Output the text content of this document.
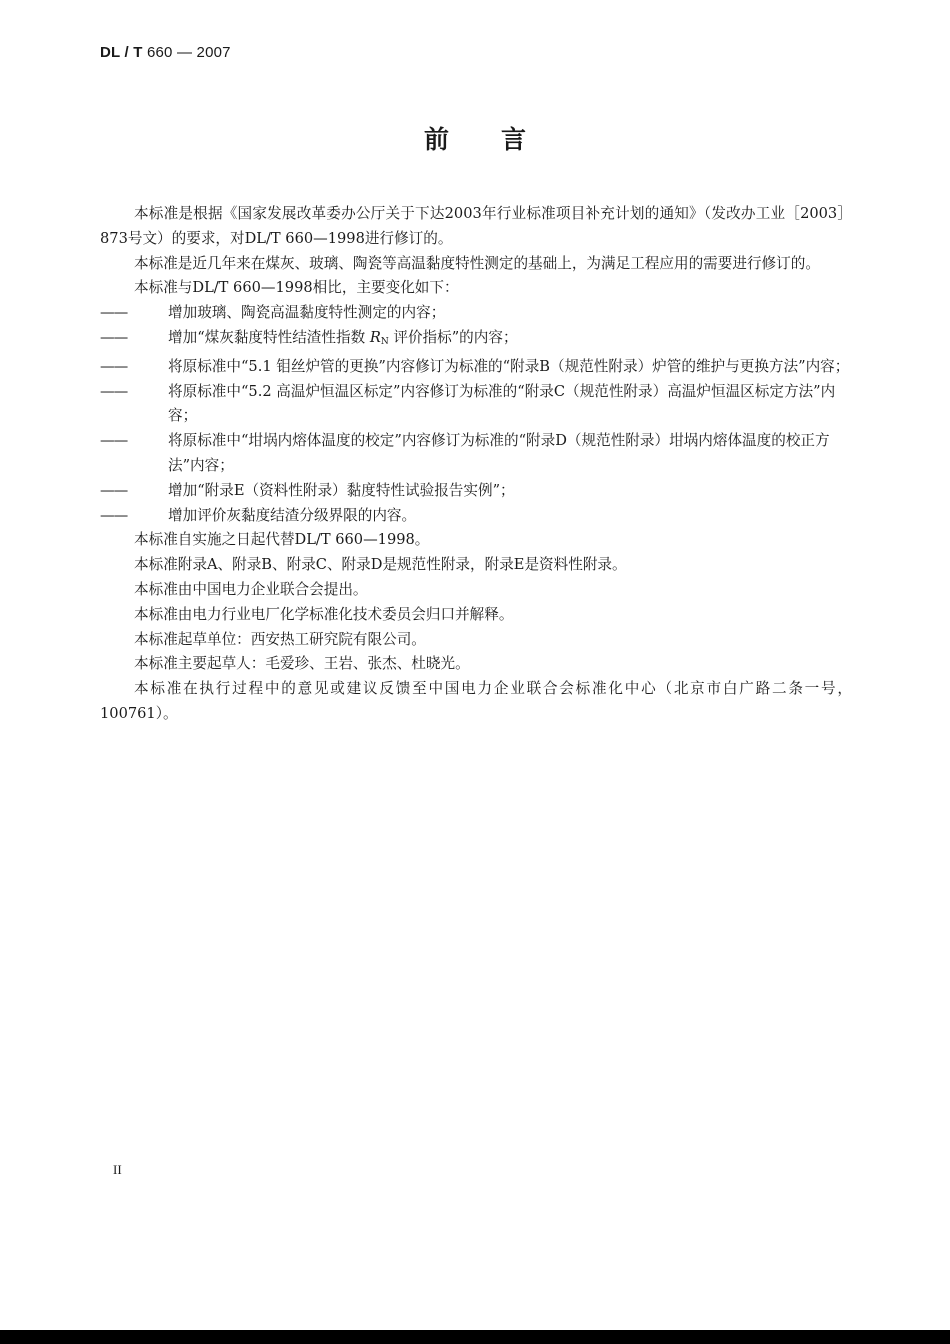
DL / T 660 — 2007
前言

本标准是根据《国家发展改革委办公厅关于下达2003年行业标准项目补充计划的通知》（发改办工业［2003］873号文）的要求，对DL/T 660—1998进行修订的。

本标准是近几年来在煤灰、玻璃、陶瓷等高温黏度特性测定的基础上，为满足工程应用的需要进行修订的。

本标准与DL/T 660—1998相比，主要变化如下：

——	增加玻璃、陶瓷高温黏度特性测定的内容；

——	增加“煤灰黏度特性结渣性指数 $R_N$ 评价指标”的内容；

——	将原标准中“5.1 钼丝炉管的更换”内容修订为标准的“附录B（规范性附录）炉管的维护与更换方法”内容；

——	将原标准中“5.2 高温炉恒温区标定”内容修订为标准的“附录C（规范性附录）高温炉恒温区标定方法”内容；

——	将原标准中“坩埚内熔体温度的校定”内容修订为标准的“附录D（规范性附录）坩埚内熔体温度的校正方法”内容；

——	增加“附录E（资料性附录）黏度特性试验报告实例”；

——	增加评价灰黏度结渣分级界限的内容。

本标准自实施之日起代替DL/T 660—1998。

本标准附录A、附录B、附录C、附录D是规范性附录，附录E是资料性附录。

本标准由中国电力企业联合会提出。

本标准由电力行业电厂化学标准化技术委员会归口并解释。

本标准起草单位：西安热工研究院有限公司。

本标准主要起草人：毛爱珍、王岩、张杰、杜晓光。

本标准在执行过程中的意见或建议反馈至中国电力企业联合会标准化中心（北京市白广路二条一号，100761）。

II
